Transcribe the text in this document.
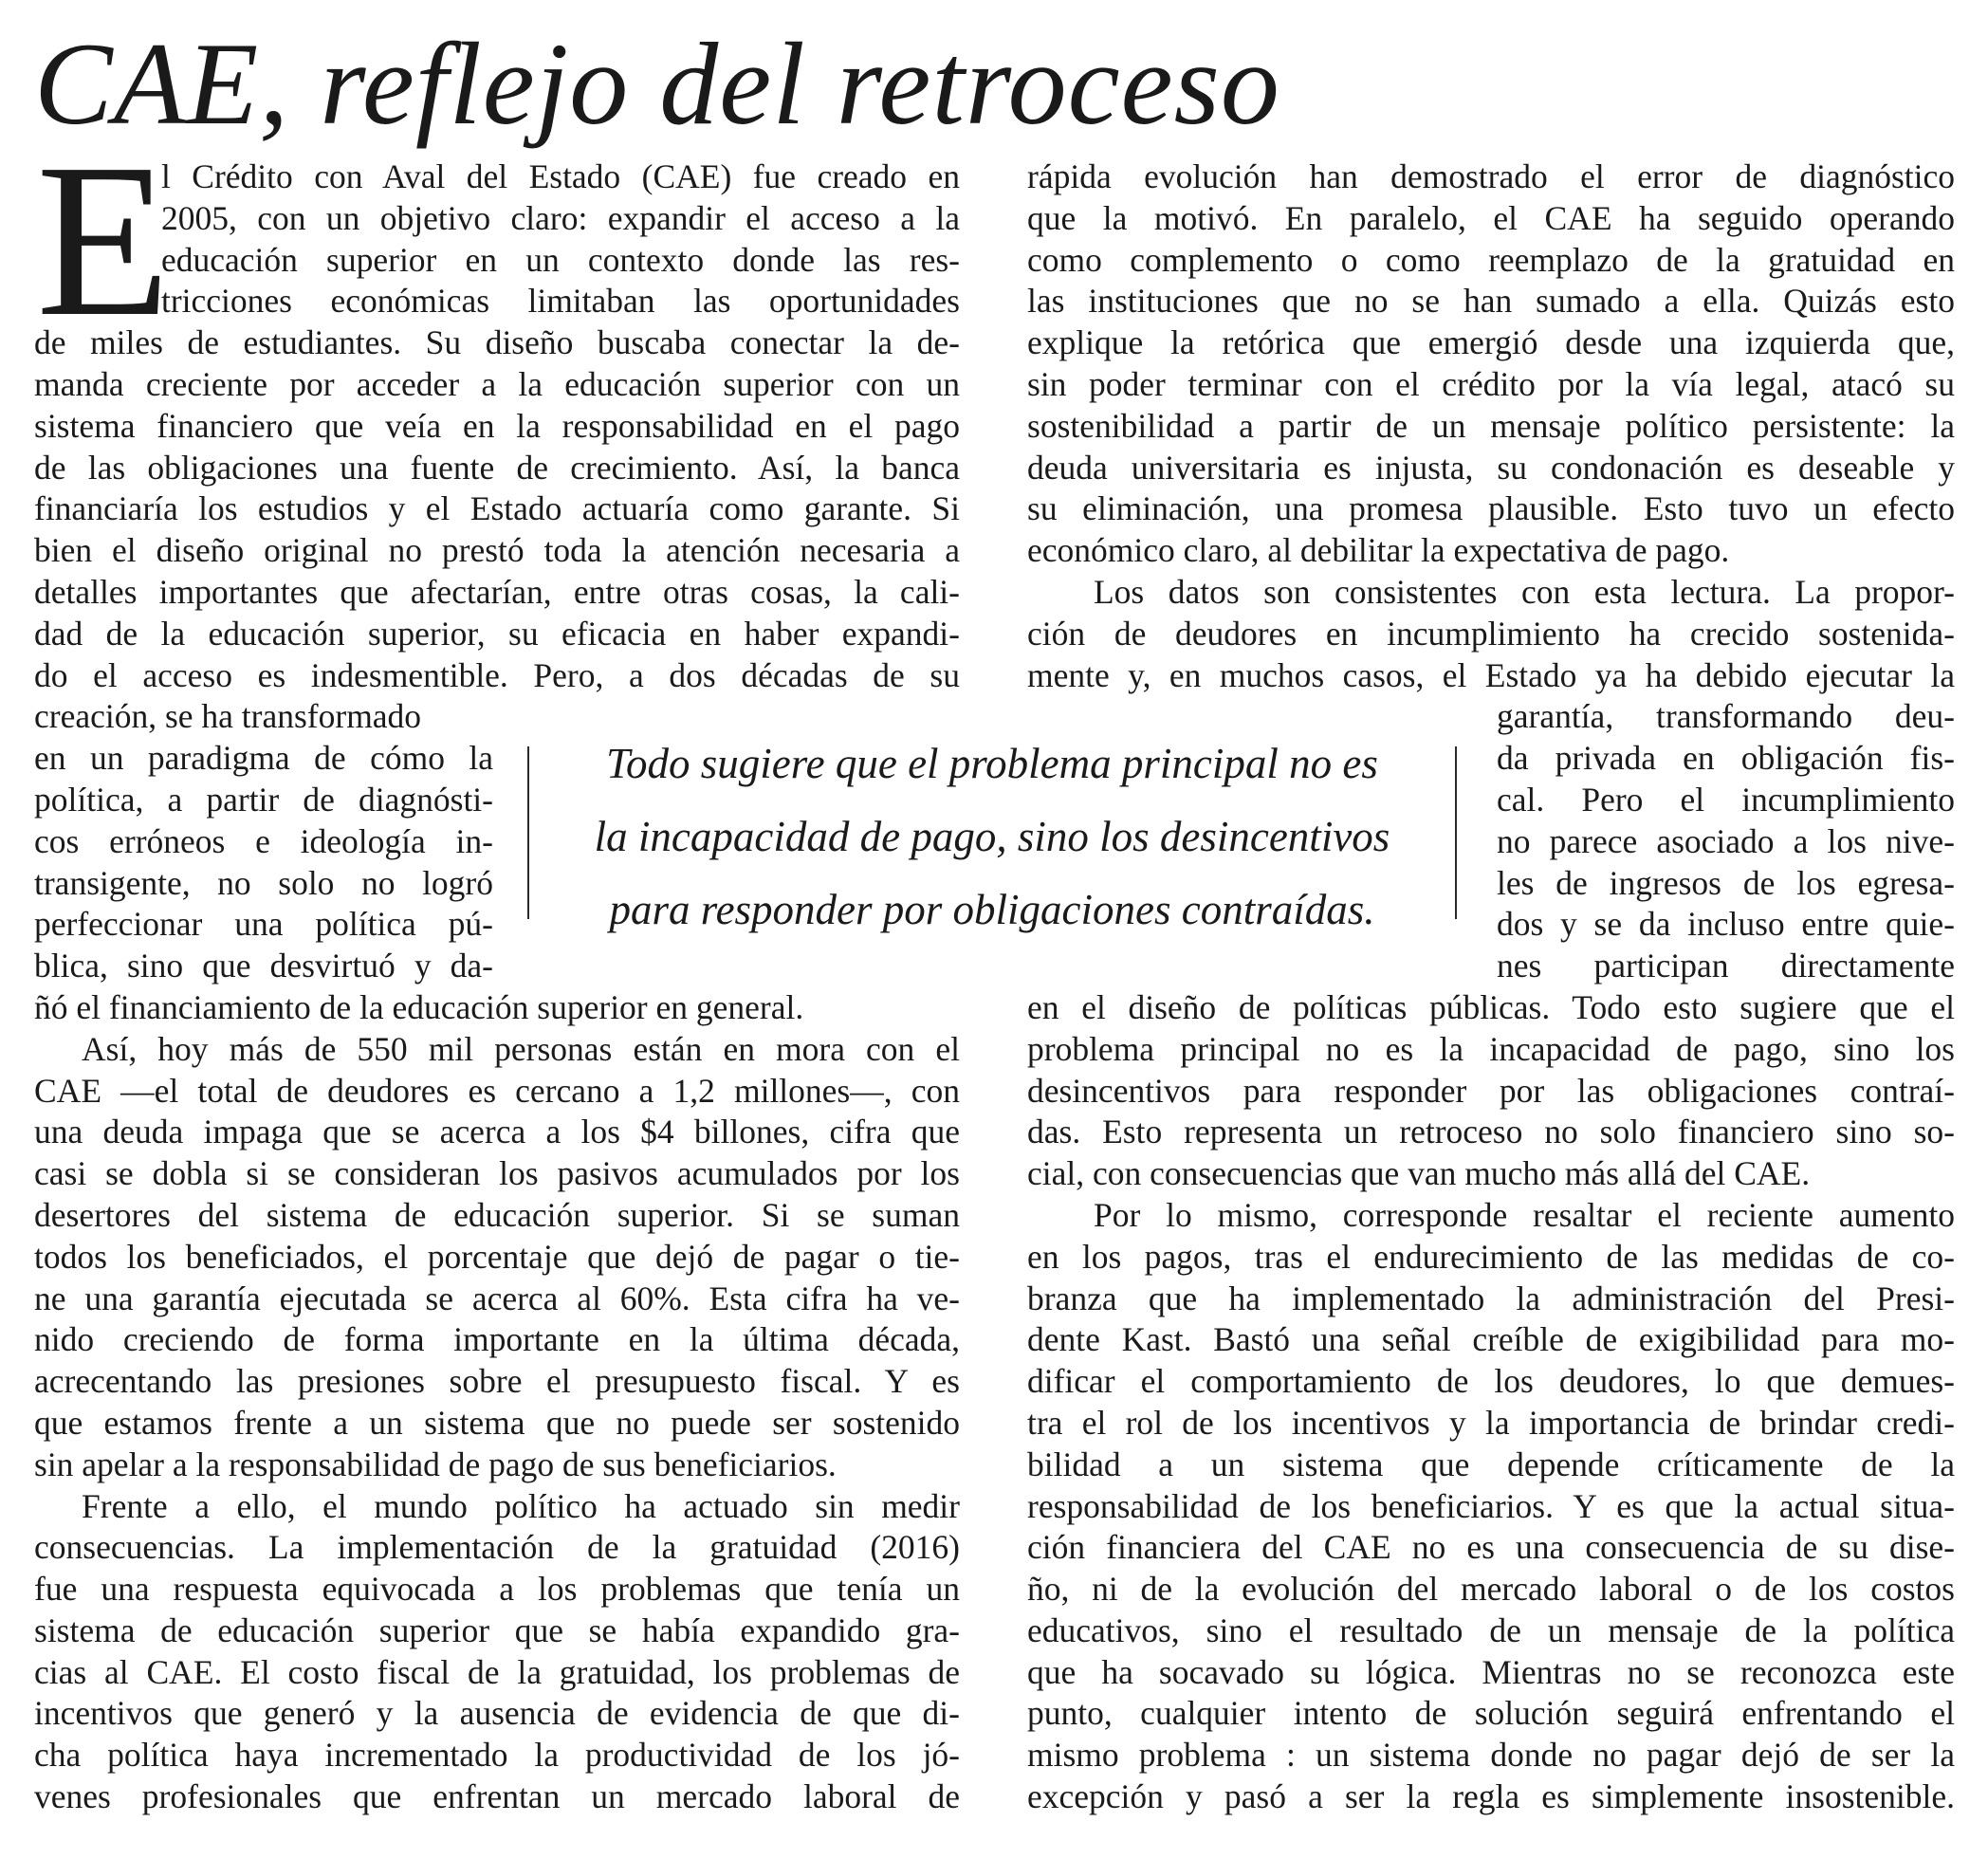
CAE, reflejo del retroceso
E
l Crédito con Aval del Estado (CAE) fue creado en
2005, con un objetivo claro: expandir el acceso a la
educación superior en un contexto donde las res-
tricciones económicas limitaban las oportunidades
de miles de estudiantes. Su diseño buscaba conectar la de-
manda creciente por acceder a la educación superior con un
sistema financiero que veía en la responsabilidad en el pago
de las obligaciones una fuente de crecimiento. Así, la banca
financiaría los estudios y el Estado actuaría como garante. Si
bien el diseño original no prestó toda la atención necesaria a
detalles importantes que afectarían, entre otras cosas, la cali-
dad de la educación superior, su eficacia en haber expandi-
do el acceso es indesmentible. Pero, a dos décadas de su
creación, se ha transformado
en un paradigma de cómo la
política, a partir de diagnósti-
cos erróneos e ideología in-
transigente, no solo no logró
perfeccionar una política pú-
blica, sino que desvirtuó y da-
ñó el financiamiento de la educación superior en general.
Así, hoy más de 550 mil personas están en mora con el
CAE —el total de deudores es cercano a 1,2 millones—, con
una deuda impaga que se acerca a los $4 billones, cifra que
casi se dobla si se consideran los pasivos acumulados por los
desertores del sistema de educación superior. Si se suman
todos los beneficiados, el porcentaje que dejó de pagar o tie-
ne una garantía ejecutada se acerca al 60%. Esta cifra ha ve-
nido creciendo de forma importante en la última década,
acrecentando las presiones sobre el presupuesto fiscal. Y es
que estamos frente a un sistema que no puede ser sostenido
sin apelar a la responsabilidad de pago de sus beneficiarios.
Frente a ello, el mundo político ha actuado sin medir
consecuencias. La implementación de la gratuidad (2016)
fue una respuesta equivocada a los problemas que tenía un
sistema de educación superior que se había expandido gra-
cias al CAE. El costo fiscal de la gratuidad, los problemas de
incentivos que generó y la ausencia de evidencia de que di-
cha política haya incrementado la productividad de los jó-
venes profesionales que enfrentan un mercado laboral de
rápida evolución han demostrado el error de diagnóstico
que la motivó. En paralelo, el CAE ha seguido operando
como complemento o como reemplazo de la gratuidad en
las instituciones que no se han sumado a ella. Quizás esto
explique la retórica que emergió desde una izquierda que,
sin poder terminar con el crédito por la vía legal, atacó su
sostenibilidad a partir de un mensaje político persistente: la
deuda universitaria es injusta, su condonación es deseable y
su eliminación, una promesa plausible. Esto tuvo un efecto
económico claro, al debilitar la expectativa de pago.
Los datos son consistentes con esta lectura. La propor-
ción de deudores en incumplimiento ha crecido sostenida-
mente y, en muchos casos, el Estado ya ha debido ejecutar la
garantía, transformando deu-
da privada en obligación fis-
cal. Pero el incumplimiento
no parece asociado a los nive-
les de ingresos de los egresa-
dos y se da incluso entre quie-
nes participan directamente
en el diseño de políticas públicas. Todo esto sugiere que el
problema principal no es la incapacidad de pago, sino los
desincentivos para responder por las obligaciones contraí-
das. Esto representa un retroceso no solo financiero sino so-
cial, con consecuencias que van mucho más allá del CAE.
Por lo mismo, corresponde resaltar el reciente aumento
en los pagos, tras el endurecimiento de las medidas de co-
branza que ha implementado la administración del Presi-
dente Kast. Bastó una señal creíble de exigibilidad para mo-
dificar el comportamiento de los deudores, lo que demues-
tra el rol de los incentivos y la importancia de brindar credi-
bilidad a un sistema que depende críticamente de la
responsabilidad de los beneficiarios. Y es que la actual situa-
ción financiera del CAE no es una consecuencia de su dise-
ño, ni de la evolución del mercado laboral o de los costos
educativos, sino el resultado de un mensaje de la política
que ha socavado su lógica. Mientras no se reconozca este
punto, cualquier intento de solución seguirá enfrentando el
mismo problema : un sistema donde no pagar dejó de ser la
excepción y pasó a ser la regla es simplemente insostenible.
Todo sugiere que el problema principal no es
la incapacidad de pago, sino los desincentivos
para responder por obligaciones contraídas.
